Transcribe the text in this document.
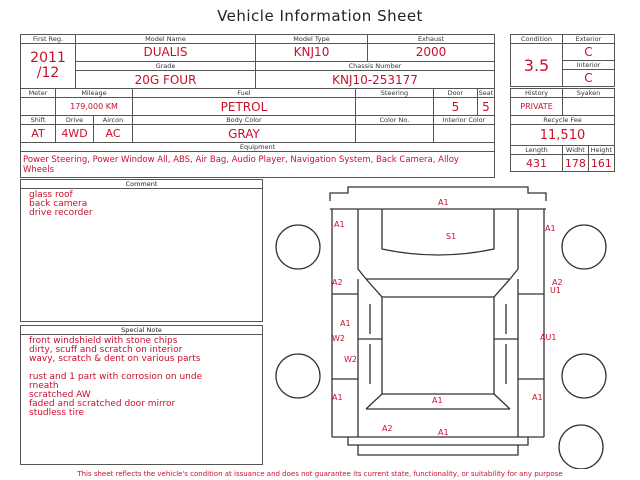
Vehicle Information Sheet
First Reg.	Model Name	Model Type	Exhaust

2011
/12	DUALIS	KNJ10	2000
	Grade	Chassis Number	
	20G FOUR	KNJ10-253177	
Condition	Exterior
3.5	C
	Interior
	C
Meter	Mileage		Fuel	Steering	Door	Seat
	179,000 KM		PETROL		5	5
Shift	Drive	Aircon	Body Color	Color No.	Interior Color	
AT	4WD	AC	GRAY			
Equipment						
Power Steering, Power Window All, ABS, Air Bag, Audio Player, Navigation System, Back Camera, Alloy Wheels						
History	Syaken	
PRIVATE		
Recycle Fee		
11,510		
Length	Widht	Height
431	178	161
Comment
glass roof
back camera
drive recorder
Special Note
front windshield with stone chips
dirty, scuff and scratch on interior
wavy, scratch & dent on various parts
rust and 1 part with corrosion on unde
rneath
scratched AW
faded and scratched door mirror
studless tire
A1
A1
S1
A1
A2	A2
U1
A1
W2
W2
AU1
A1	A1	A1
A2	A1
This sheet reflects the vehicle's condition at issuance and does not guarantee its current state, functionality, or suitability for any purpose
